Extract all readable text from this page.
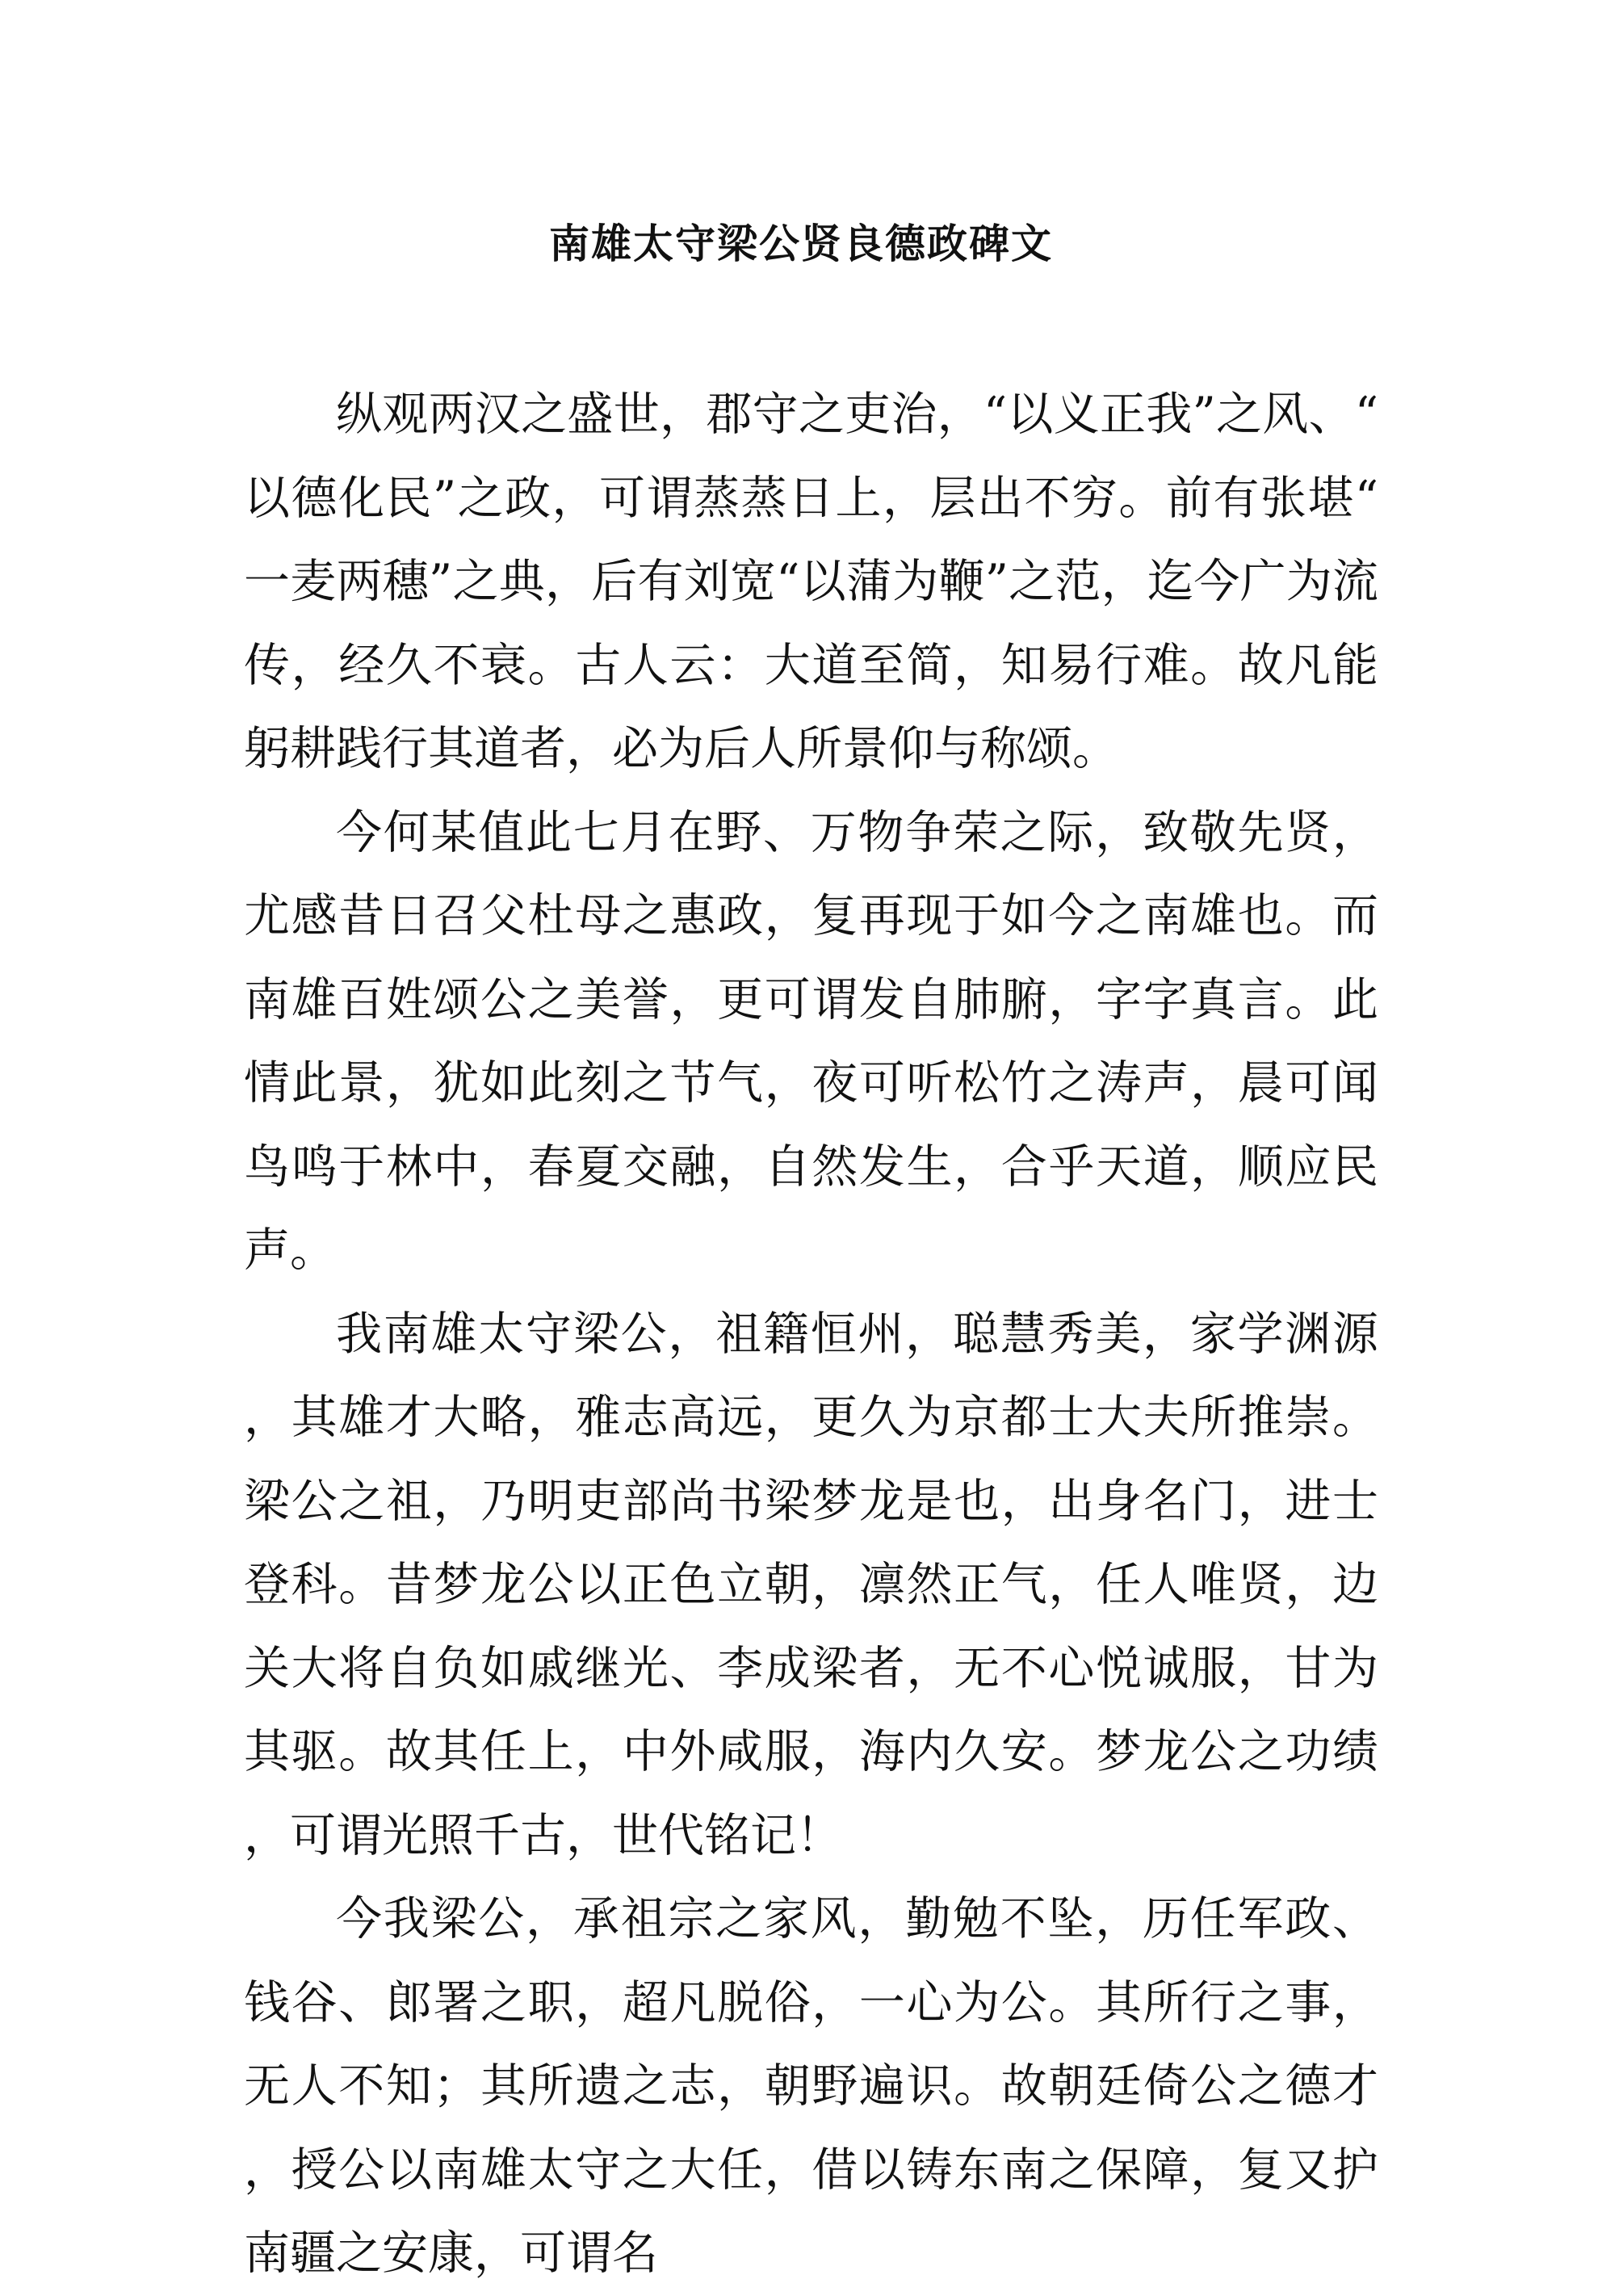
南雄太守梁公贤良德政碑文

纵观两汉之盛世，郡守之吏治，“以义正我”之风、“以德化民”之政，可谓蒸蒸日上，层出不穷。前有张堪“一麦两穗”之典，后有刘宽“以蒲为鞭”之范，迄今广为流传，经久不衰。古人云：大道至简，知易行难。故凡能躬耕践行其道者，必为后人所景仰与称颂。

今何某值此七月在野、万物争荣之际，致敬先贤，尤感昔日召父杜母之惠政，复再现于如今之南雄也。而南雄百姓颂公之美誉，更可谓发自肺腑，字字真言。此情此景，犹如此刻之节气，夜可听松竹之涛声，晨可闻鸟鸣于林中，春夏交融，自然发生，合乎天道，顺应民声。

我南雄太守梁公，祖籍恒州，聪慧秀美，家学渊源，其雄才大略，雅志高远，更久为京都士大夫所推崇。梁公之祖，乃明吏部尚书梁梦龙是也，出身名门，进士登科。昔梦龙公以正色立朝，凛然正气，任人唯贤，边关大将自负如戚继光、李成梁者，无不心悦诚服，甘为其驱。故其任上，中外咸服，海内久安。梦龙公之功绩，可谓光照千古，世代铭记！

今我梁公，承祖宗之家风，勤勉不坠，历任军政、钱谷、郎署之职，超凡脱俗，一心为公。其所行之事，无人不知；其所遗之志，朝野遍识。故朝廷倚公之德才，授公以南雄太守之大任，借以铸东南之保障，复又护南疆之安康，可谓名
